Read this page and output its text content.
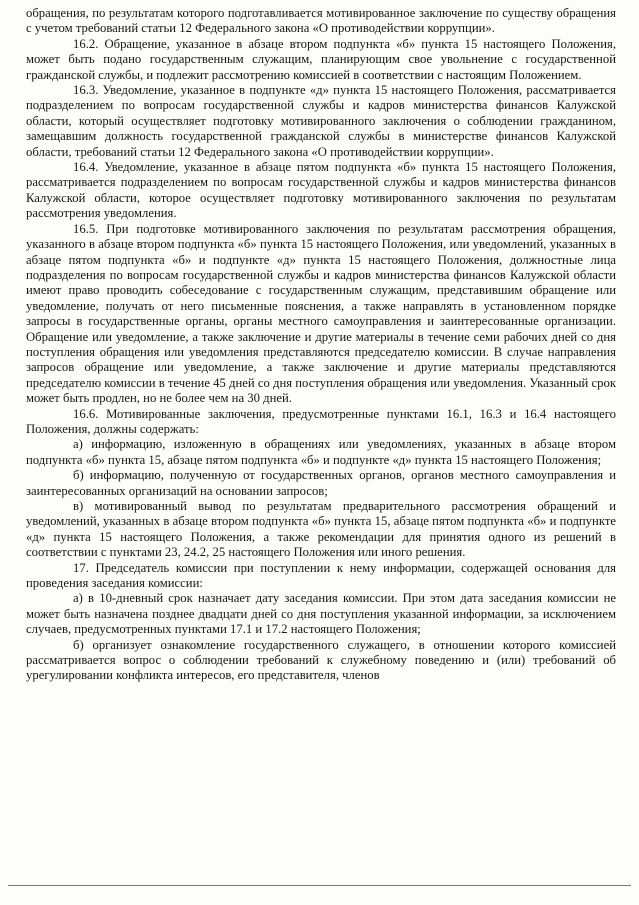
обращения, по результатам которого подготавливается мотивированное заключение по существу обращения с учетом требований статьи 12 Федерального закона «О противодействии коррупции».

16.2. Обращение, указанное в абзаце втором подпункта «б» пункта 15 настоящего Положения, может быть подано государственным служащим, планирующим свое увольнение с государственной гражданской службы, и подлежит рассмотрению комиссией в соответствии с настоящим Положением.

16.3. Уведомление, указанное в подпункте «д» пункта 15 настоящего Положения, рассматривается подразделением по вопросам государственной службы и кадров министерства финансов Калужской области, который осуществляет подготовку мотивированного заключения о соблюдении гражданином, замещавшим должность государственной гражданской службы в министерстве финансов Калужской области, требований статьи 12 Федерального закона «О противодействии коррупции».

16.4. Уведомление, указанное в абзаце пятом подпункта «б» пункта 15 настоящего Положения, рассматривается подразделением по вопросам государственной службы и кадров министерства финансов Калужской области, которое осуществляет подготовку мотивированного заключения по результатам рассмотрения уведомления.

16.5. При подготовке мотивированного заключения по результатам рассмотрения обращения, указанного в абзаце втором подпункта «б» пункта 15 настоящего Положения, или уведомлений, указанных в абзаце пятом подпункта «б» и подпункте «д» пункта 15 настоящего Положения, должностные лица подразделения по вопросам государственной службы и кадров министерства финансов Калужской области имеют право проводить собеседование с государственным служащим, представившим обращение или уведомление, получать от него письменные пояснения, а также направлять в установленном порядке запросы в государственные органы, органы местного самоуправления и заинтересованные организации. Обращение или уведомление, а также заключение и другие материалы в течение семи рабочих дней со дня поступления обращения или уведомления представляются председателю комиссии. В случае направления запросов обращение или уведомление, а также заключение и другие материалы представляются председателю комиссии в течение 45 дней со дня поступления обращения или уведомления. Указанный срок может быть продлен, но не более чем на 30 дней.

16.6. Мотивированные заключения, предусмотренные пунктами 16.1, 16.3 и 16.4 настоящего Положения, должны содержать:

а) информацию, изложенную в обращениях или уведомлениях, указанных в абзаце втором подпункта «б» пункта 15, абзаце пятом подпункта «б» и подпункте «д» пункта 15 настоящего Положения;

б) информацию, полученную от государственных органов, органов местного самоуправления и заинтересованных организаций на основании запросов;

в) мотивированный вывод по результатам предварительного рассмотрения обращений и уведомлений, указанных в абзаце втором подпункта «б» пункта 15, абзаце пятом подпункта «б» и подпункте «д» пункта 15 настоящего Положения, а также рекомендации для принятия одного из решений в соответствии с пунктами 23, 24.2, 25 настоящего Положения или иного решения.

17. Председатель комиссии при поступлении к нему информации, содержащей основания для проведения заседания комиссии:

а) в 10-дневный срок назначает дату заседания комиссии. При этом дата заседания комиссии не может быть назначена позднее двадцати дней со дня поступления указанной информации, за исключением случаев, предусмотренных пунктами 17.1 и 17.2 настоящего Положения;

б) организует ознакомление государственного служащего, в отношении которого комиссией рассматривается вопрос о соблюдении требований к служебному поведению и (или) требований об урегулировании конфликта интересов, его представителя, членов
